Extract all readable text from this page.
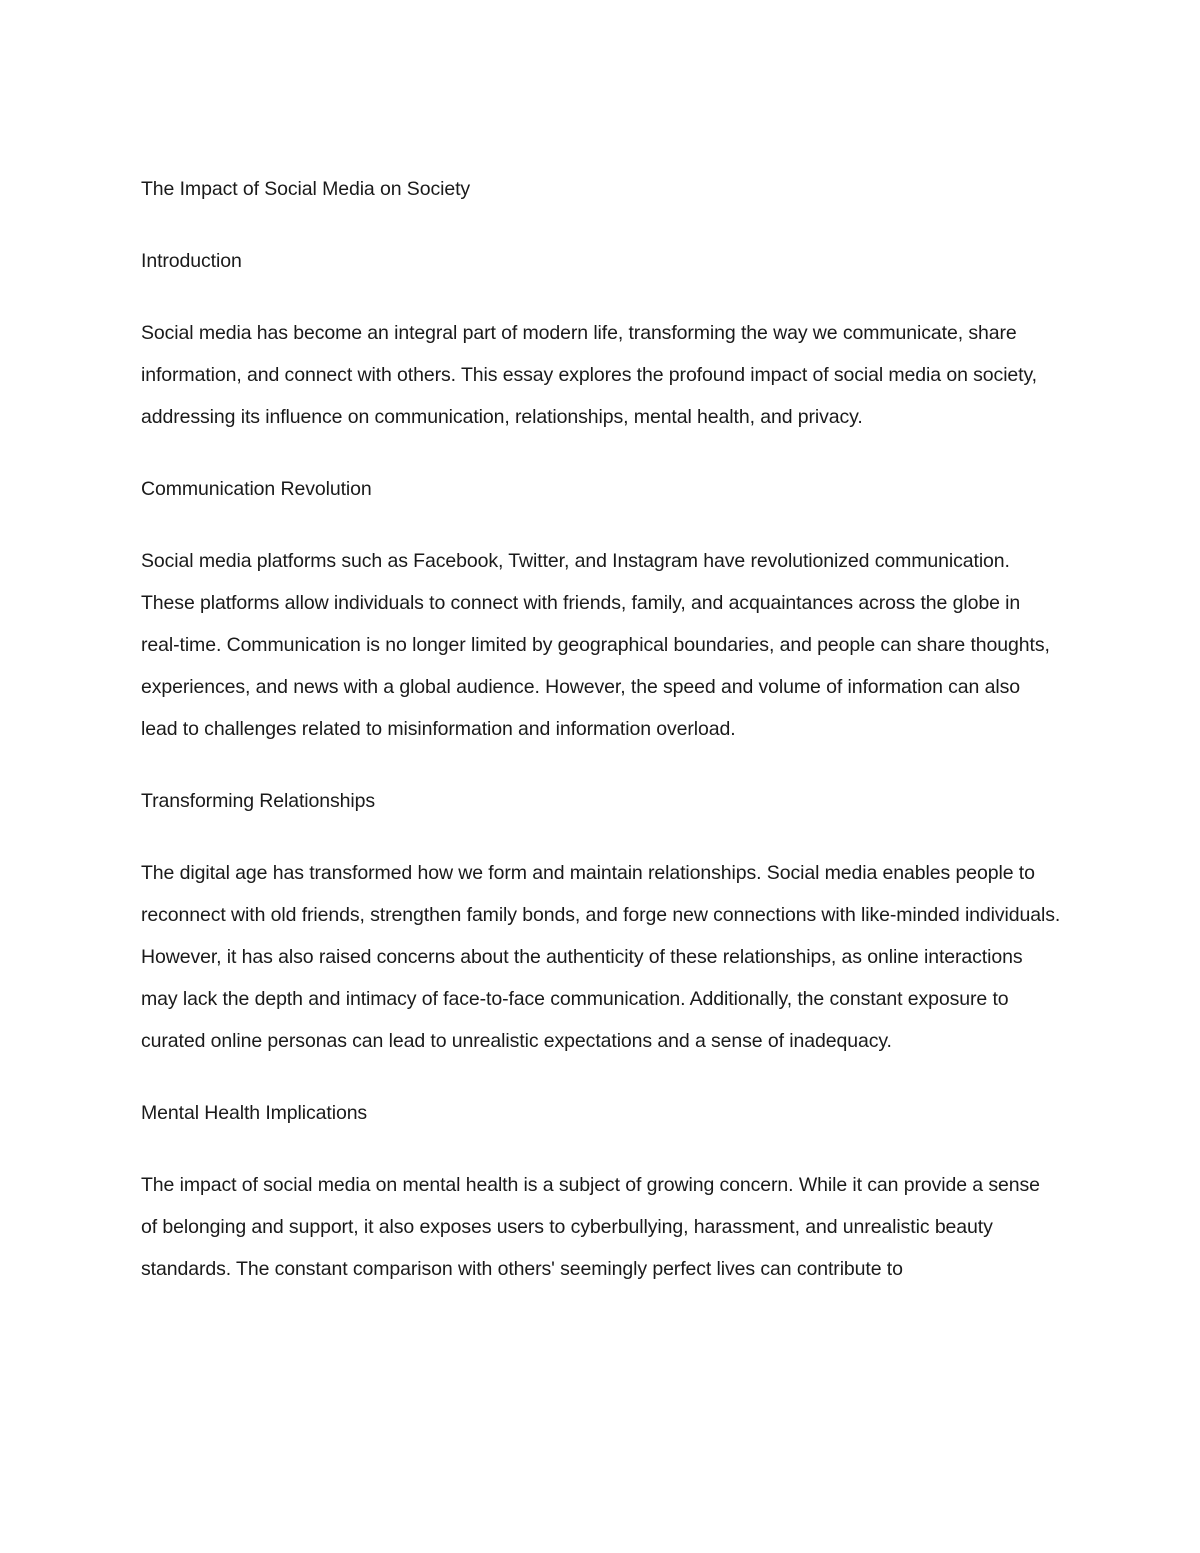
The Impact of Social Media on Society
Introduction
Social media has become an integral part of modern life, transforming the way we communicate, share information, and connect with others. This essay explores the profound impact of social media on society, addressing its influence on communication, relationships, mental health, and privacy.
Communication Revolution
Social media platforms such as Facebook, Twitter, and Instagram have revolutionized communication. These platforms allow individuals to connect with friends, family, and acquaintances across the globe in real-time. Communication is no longer limited by geographical boundaries, and people can share thoughts, experiences, and news with a global audience. However, the speed and volume of information can also lead to challenges related to misinformation and information overload.
Transforming Relationships
The digital age has transformed how we form and maintain relationships. Social media enables people to reconnect with old friends, strengthen family bonds, and forge new connections with like-minded individuals. However, it has also raised concerns about the authenticity of these relationships, as online interactions may lack the depth and intimacy of face-to-face communication. Additionally, the constant exposure to curated online personas can lead to unrealistic expectations and a sense of inadequacy.
Mental Health Implications
The impact of social media on mental health is a subject of growing concern. While it can provide a sense of belonging and support, it also exposes users to cyberbullying, harassment, and unrealistic beauty standards. The constant comparison with others' seemingly perfect lives can contribute to
